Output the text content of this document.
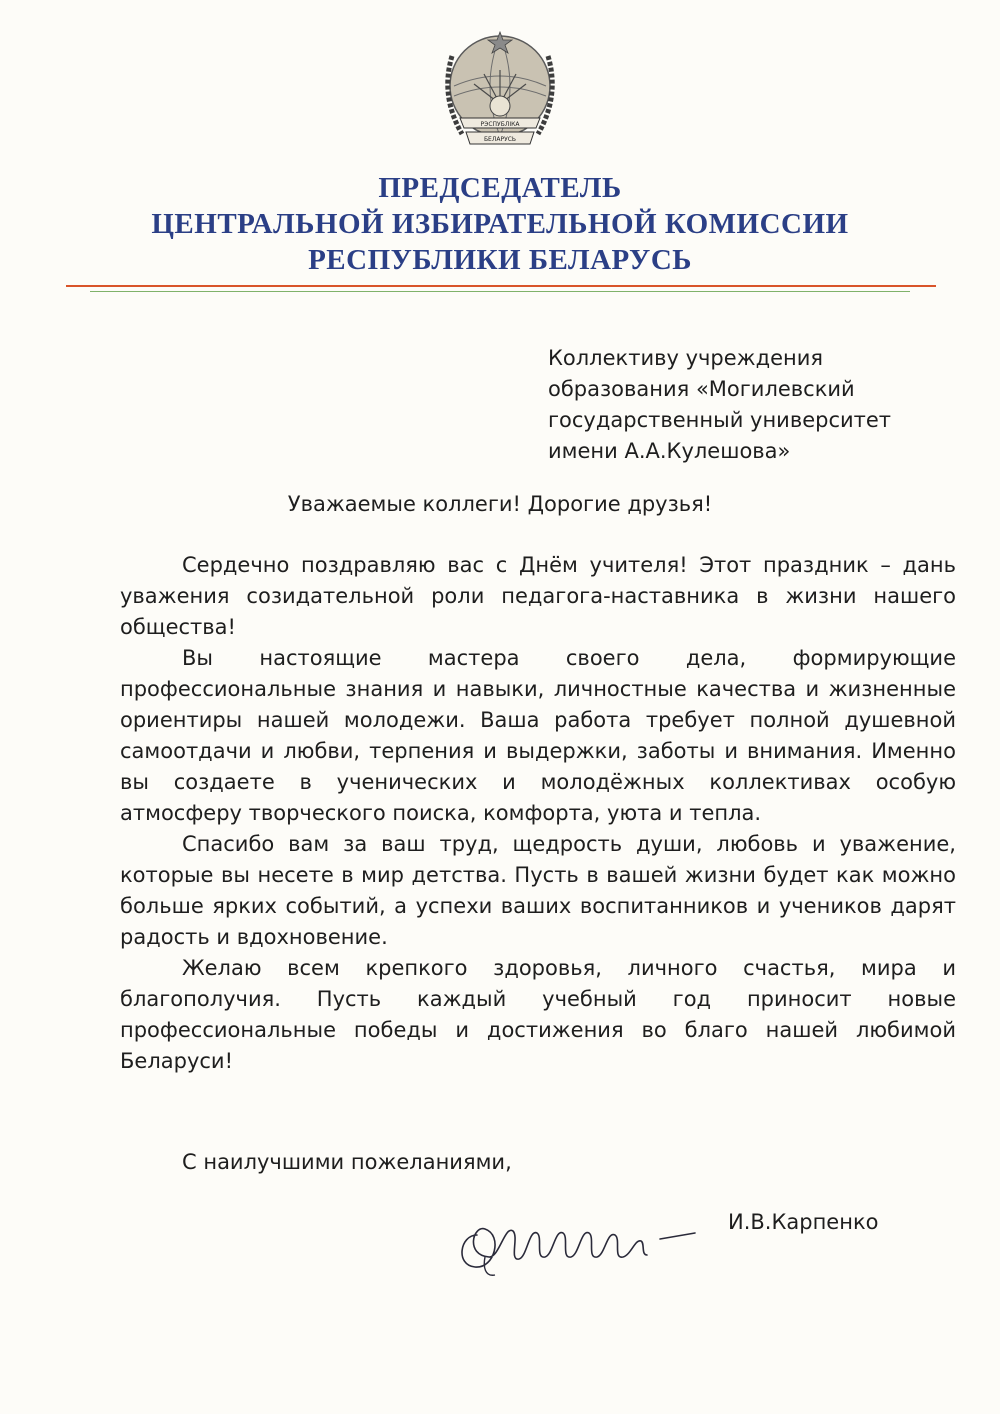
РЭСПУБЛІКА
БЕЛАРУСЬ
ПРЕДСЕДАТЕЛЬ
ЦЕНТРАЛЬНОЙ ИЗБИРАТЕЛЬНОЙ КОМИССИИ
РЕСПУБЛИКИ БЕЛАРУСЬ
Коллективу учреждения
образования «Могилевский
государственный университет
имени А.А.Кулешова»
Уважаемые коллеги! Дорогие друзья!

Сердечно поздравляю вас с Днём учителя! Этот праздник – дань уважения созидательной роли педагога-наставника в жизни нашего общества!

Вы настоящие мастера своего дела, формирующие профессиональные знания и навыки, личностные качества и жизненные ориентиры нашей молодежи. Ваша работа требует полной душевной самоотдачи и любви, терпения и выдержки, заботы и внимания. Именно вы создаете в ученических и молодёжных коллективах особую атмосферу творческого поиска, комфорта, уюта и тепла.

Спасибо вам за ваш труд, щедрость души, любовь и уважение, которые вы несете в мир детства. Пусть в вашей жизни будет как можно больше ярких событий, а успехи ваших воспитанников и учеников дарят радость и вдохновение.

Желаю всем крепкого здоровья, личного счастья, мира и благополучия. Пусть каждый учебный год приносит новые профессиональные победы и достижения во благо нашей любимой Беларуси!

С наилучшими пожеланиями,
И.В.Карпенко
